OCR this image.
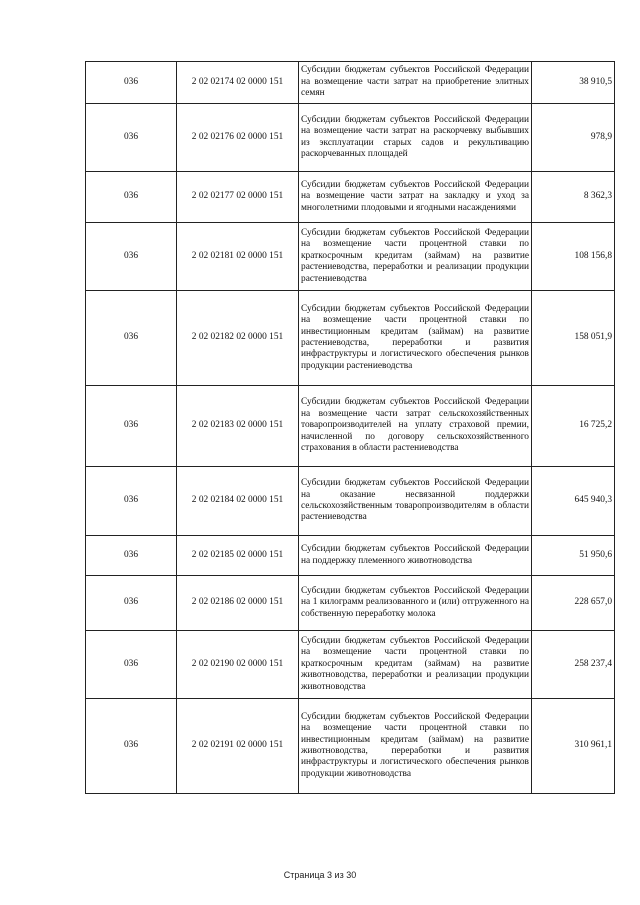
036	2 02 02174 02 0000 151	Субсидии бюджетам субъектов Российской Федерации на возмещение части затрат на приобретение элитных семян	38 910,5
036	2 02 02176 02 0000 151	Субсидии бюджетам субъектов Российской Федерации на возмещение части затрат на раскорчевку выбывших из эксплуатации старых садов и рекультивацию раскорчеванных площадей	978,9
036	2 02 02177 02 0000 151	Субсидии бюджетам субъектов Российской Федерации на возмещение части затрат на закладку и уход за многолетними плодовыми и ягодными насаждениями	8 362,3
036	2 02 02181 02 0000 151	Субсидии бюджетам субъектов Российской Федерации на возмещение части процентной ставки по краткосрочным кредитам (займам) на развитие растениеводства, переработки и реализации продукции растениеводства	108 156,8
036	2 02 02182 02 0000 151	Субсидии бюджетам субъектов Российской Федерации на возмещение части процентной ставки по инвестиционным кредитам (займам) на развитие растениеводства, переработки и развития инфраструктуры и логистического обеспечения рынков продукции растениеводства	158 051,9
036	2 02 02183 02 0000 151	Субсидии бюджетам субъектов Российской Федерации на возмещение части затрат сельскохозяйственных товаропроизводителей на уплату страховой премии, начисленной по договору сельскохозяйственного страхования в области растениеводства	16 725,2
036	2 02 02184 02 0000 151	Субсидии бюджетам субъектов Российской Федерации на оказание несвязанной поддержки сельскохозяйственным товаропроизводителям в области растениеводства	645 940,3
036	2 02 02185 02 0000 151	Субсидии бюджетам субъектов Российской Федерации на поддержку племенного животноводства	51 950,6
036	2 02 02186 02 0000 151	Субсидии бюджетам субъектов Российской Федерации на 1 килограмм реализованного и (или) отгруженного на собственную переработку молока	228 657,0
036	2 02 02190 02 0000 151	Субсидии бюджетам субъектов Российской Федерации на возмещение части процентной ставки по краткосрочным кредитам (займам) на развитие животноводства, переработки и реализации продукции животноводства	258 237,4
036	2 02 02191 02 0000 151	Субсидии бюджетам субъектов Российской Федерации на возмещение части процентной ставки по инвестиционным кредитам (займам) на развитие животноводства, переработки и развития инфраструктуры и логистического обеспечения рынков продукции животноводства	310 961,1
Страница 3 из 30
